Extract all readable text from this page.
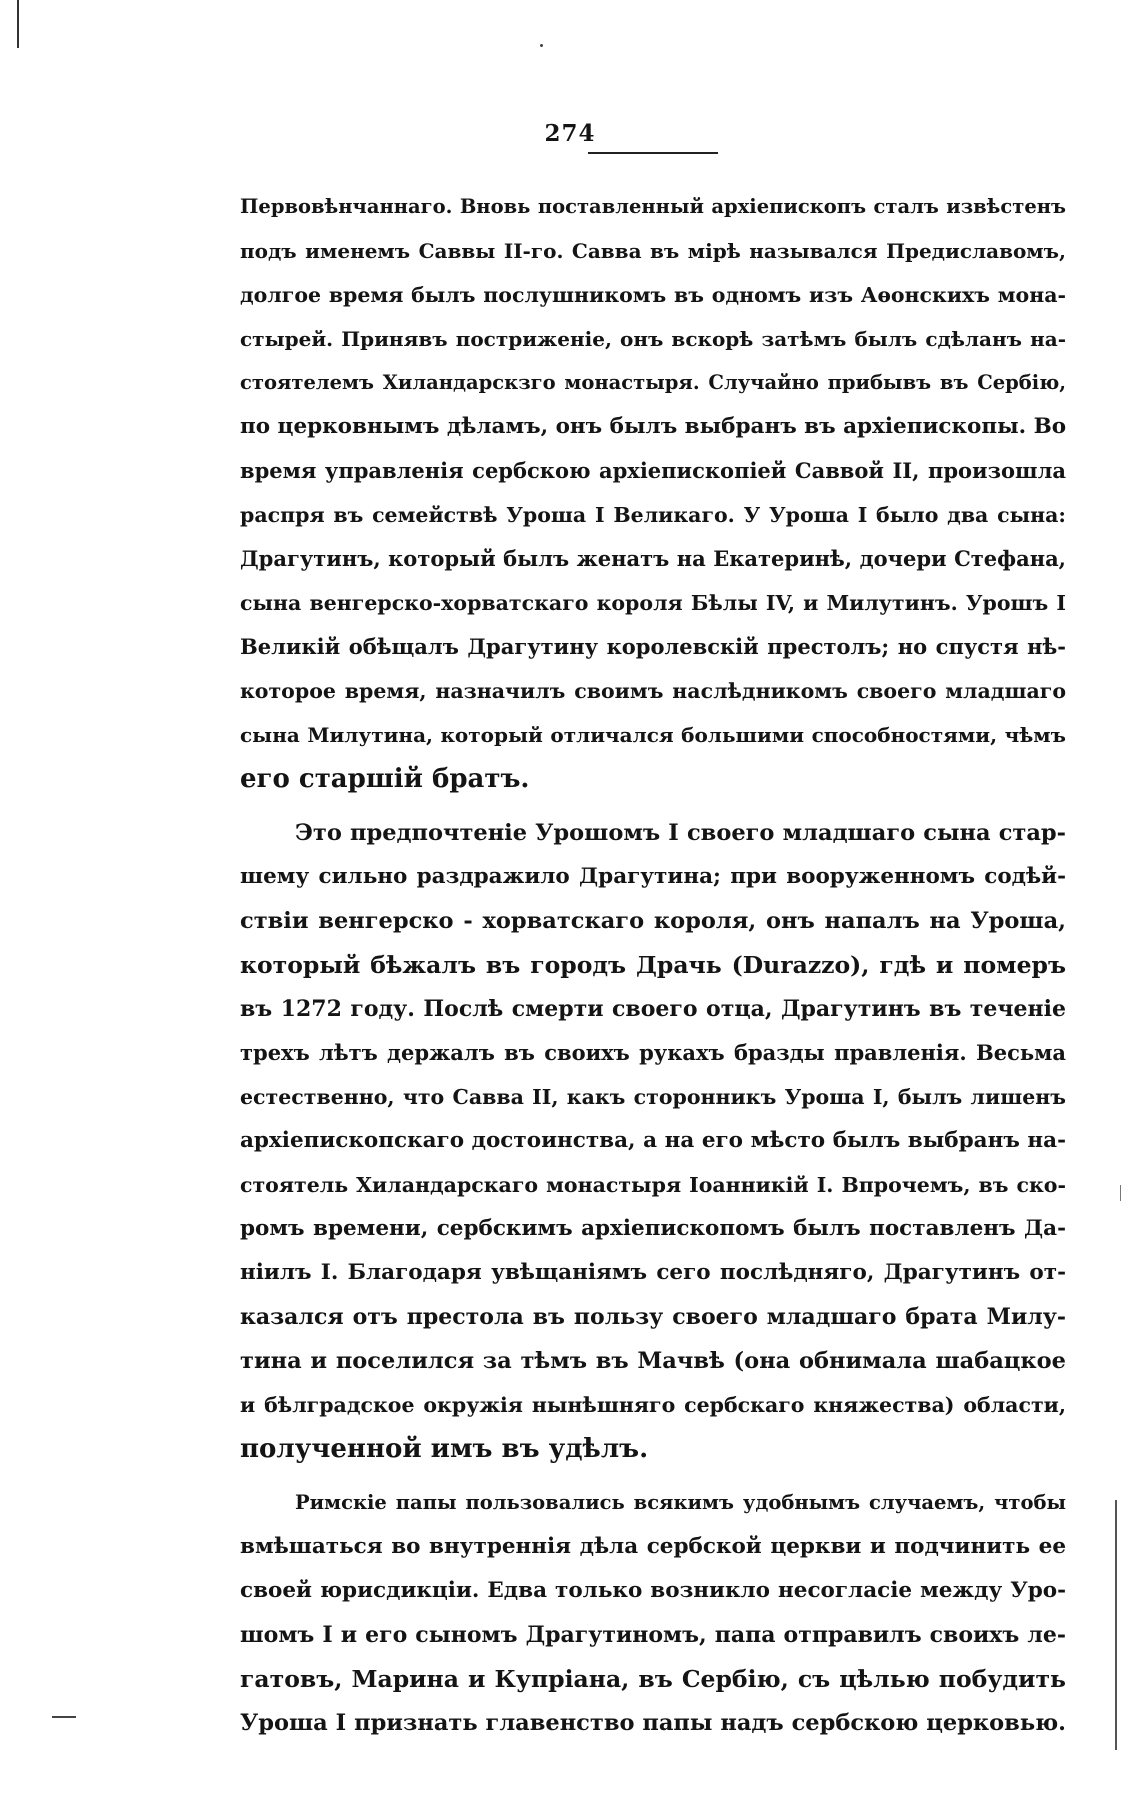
274
Первовѣнчаннаго. Вновь поставленный архіепископъ сталъ извѣстенъ
подъ именемъ Саввы II-го. Савва въ мірѣ назывался Предиславомъ,
долгое время былъ послушникомъ въ одномъ изъ Аѳонскихъ мона-
стырей. Принявъ постриженіе, онъ вскорѣ затѣмъ былъ сдѣланъ на-
стоятелемъ Хиландарскзго монастыря. Случайно прибывъ въ Сербію,
по церковнымъ дѣламъ, онъ былъ выбранъ въ архіепископы. Во
время управленія сербскою архіепископіей Саввой II, произошла
распря въ семействѣ Уроша I Великаго. У Уроша I было два сына:
Драгутинъ, который былъ женатъ на Екатеринѣ, дочери Стефана,
сына венгерско-хорватскаго короля Бѣлы IV, и Милутинъ. Урошъ I
Великій обѣщалъ Драгутину королевскій престолъ; но спустя нѣ-
которое время, назначилъ своимъ наслѣдникомъ своего младшаго
сына Милутина, который отличался большими способностями, чѣмъ
его старшій братъ.
Это предпочтеніе Урошомъ I своего младшаго сына стар-
шему сильно раздражило Драгутина; при вооруженномъ содѣй-
ствіи венгерско - хорватскаго короля, онъ напалъ на Уроша,
который бѣжалъ въ городъ Драчь (Durazzo), гдѣ и померъ
въ 1272 году. Послѣ смерти своего отца, Драгутинъ въ теченіе
трехъ лѣтъ держалъ въ своихъ рукахъ бразды правленія. Весьма
естественно, что Савва II, какъ сторонникъ Уроша I, былъ лишенъ
архіепископскаго достоинства, а на его мѣсто былъ выбранъ на-
стоятель Хиландарскаго монастыря Іоанникій I. Впрочемъ, въ ско-
ромъ времени, сербскимъ архіепископомъ былъ поставленъ Да-
ніилъ I. Благодаря увѣщаніямъ сего послѣдняго, Драгутинъ от-
казался отъ престола въ пользу своего младшаго брата Милу-
тина и поселился за тѣмъ въ Мачвѣ (она обнимала шабацкое
и бѣлградское окружія нынѣшняго сербскаго княжества) области,
полученной имъ въ удѣлъ.
Римскіе папы пользовались всякимъ удобнымъ случаемъ, чтобы
вмѣшаться во внутреннія дѣла сербской церкви и подчинить ее
своей юрисдикціи. Едва только возникло несогласіе между Уро-
шомъ I и его сыномъ Драгутиномъ, папа отправилъ своихъ ле-
гатовъ, Марина и Купріана, въ Сербію, съ цѣлью побудить
Уроша I признать главенство папы надъ сербскою церковью.
